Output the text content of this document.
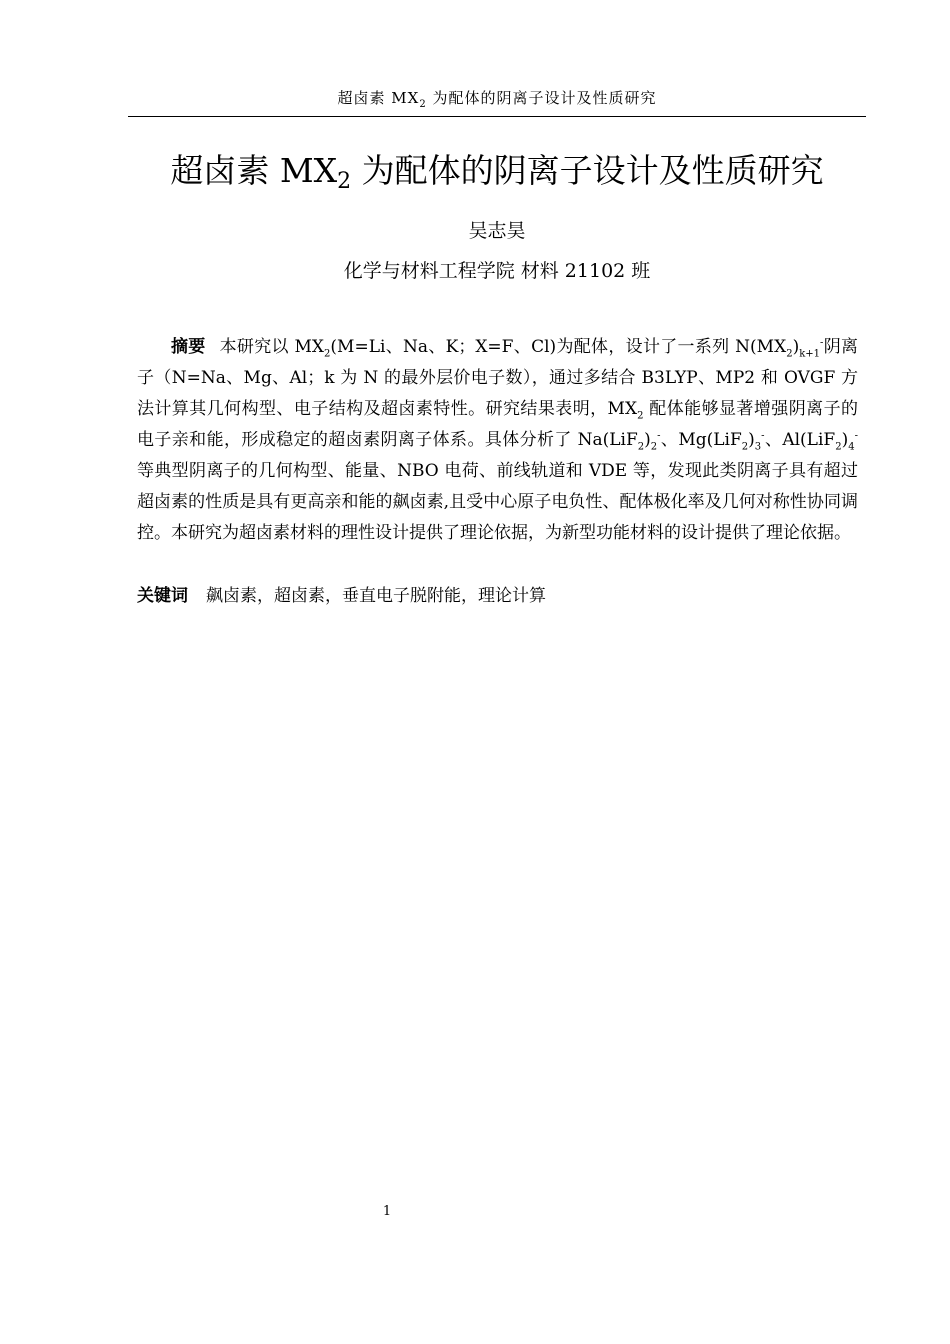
超卤素 $MX_2$ 为配体的阴离子设计及性质研究
超卤素 $MX_2$ 为配体的阴离子设计及性质研究
吴志昊
化学与材料工程学院 材料 21102 班

摘要 本研究以 $MX_2(M=Li$、Na、K；X=F、Cl)为配体，设计了一系列 $N(MX_2)_{k+1}^-$阴离子（N=Na、Mg、Al；k 为 N 的最外层价电子数），通过多结合 B3LYP、MP2 和 OVGF 方法计算其几何构型、电子结构及超卤素特性。研究结果表明，$MX_2$ 配体能够显著增强阴离子的电子亲和能，形成稳定的超卤素阴离子体系。具体分析了 $Na(LiF_2)_2^-$、$Mg(LiF_2)_3^-$、$Al(LiF_2)_4^-$等典型阴离子的几何构型、能量、NBO 电荷、前线轨道和 VDE 等，发现此类阴离子具有超过超卤素的性质是具有更高亲和能的飙卤素,且受中心原子电负性、配体极化率及几何对称性协同调控。本研究为超卤素材料的理性设计提供了理论依据，为新型功能材料的设计提供了理论依据。

关键词 飙卤素，超卤素，垂直电子脱附能，理论计算

1
